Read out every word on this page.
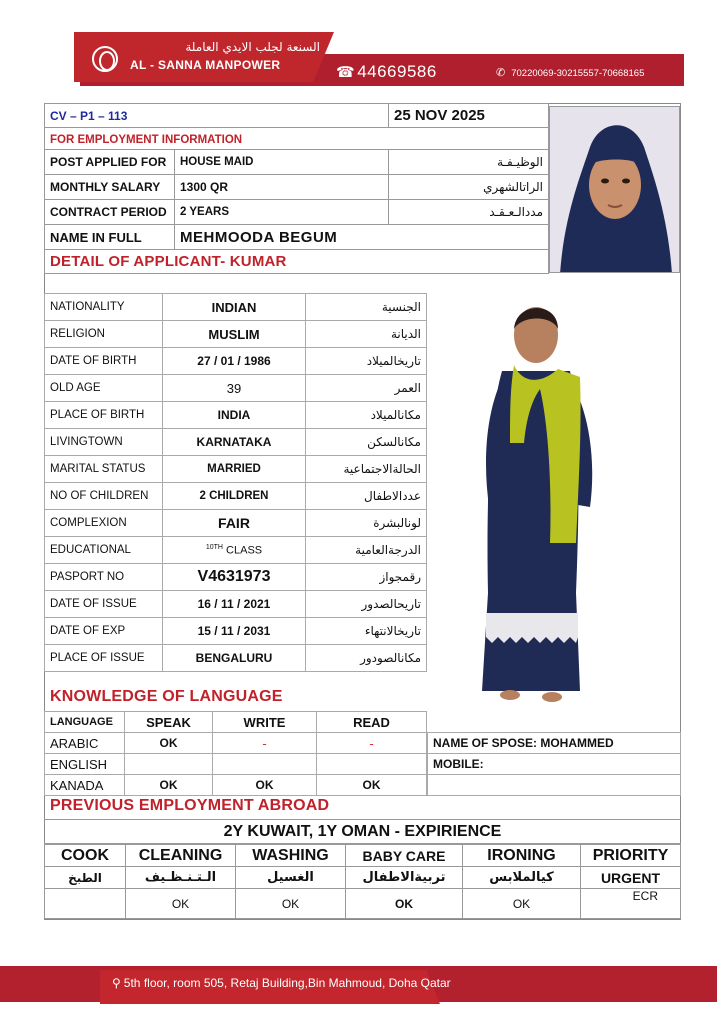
السنعة لجلب الايدي العاملة
AL - SANNA MANPOWER	☎ 44669586	✆ 70220069-30215557-70668165
CV – P1 – 113		25 NOV 2025
FOR EMPLOYMENT INFORMATION		
POST APPLIED FOR	HOUSE MAID	الوظيـفـة
MONTHLY SALARY	1300 QR	الراتالشهري
CONTRACT PERIOD	2 YEARS	مددالـعـقـد
NAME IN FULL	MEHMOODA BEGUM	
DETAIL OF APPLICANT- KUMAR		
NATIONALITY	INDIAN	الجنسية
RELIGION	MUSLIM	الديانة
DATE OF BIRTH	27 / 01 / 1986	تاريخالميلاد
OLD AGE	39	العمر
PLACE OF BIRTH	INDIA	مكانالميلاد
LIVINGTOWN	KARNATAKA	مكانالسكن
MARITAL STATUS	MARRIED	الحالةالاجتماعية
NO OF CHILDREN	2 CHILDREN	عددالاطفال
COMPLEXION	FAIR	لونالبشرة
EDUCATIONAL	$^{10TH}$ CLASS	الدرجةالعامية
PASPORT NO	V4631973	رقمجواز
DATE OF ISSUE	16 / 11 / 2021	تاريحالصدور
DATE OF EXP	15 / 11 / 2031	تاريخالانتهاء
PLACE OF ISSUE	BENGALURU	مكانالصودور
KNOWLEDGE OF LANGUAGE
LANGUAGE	SPEAK	WRITE	READ
ARABIC	OK	-	-
ENGLISH			
KANADA	OK	OK	OK
NAME OF SPOSE: MOHAMMED
MOBILE:

PREVIOUS EMPLOYMENT ABROAD
2Y KUWAIT, 1Y OMAN - EXPIRIENCE
COOK	CLEANING	WASHING	BABY CARE	IRONING	PRIORITY
الطبخ	الـتـنـظـيف	الغسيل	تربيةالاطفال	كيالملابس	URGENT
	OK	OK	OK	OK	ECR
⚲ 5th floor, room 505, Retaj Building,Bin Mahmoud, Doha Qatar
